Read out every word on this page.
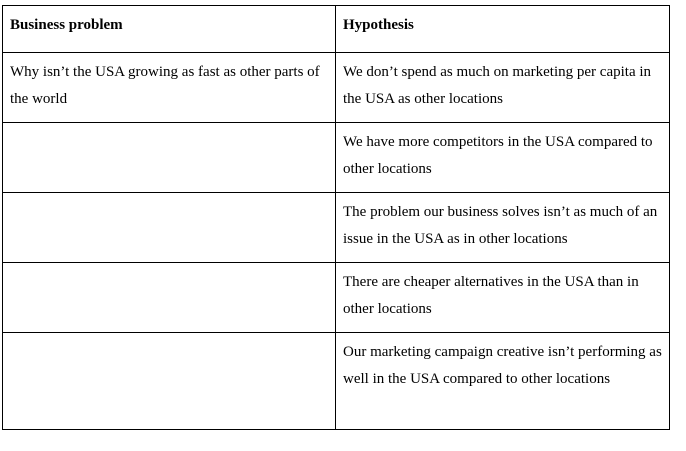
Business problem	Hypothesis
Why isn’t the USA growing as fast as other parts of the world	We don’t spend as much on marketing per capita in the USA as other locations
	We have more competitors in the USA compared to other locations
	The problem our business solves isn’t as much of an issue in the USA as in other locations
	There are cheaper alternatives in the USA than in other locations
	Our marketing campaign creative isn’t performing as well in the USA compared to other locations
